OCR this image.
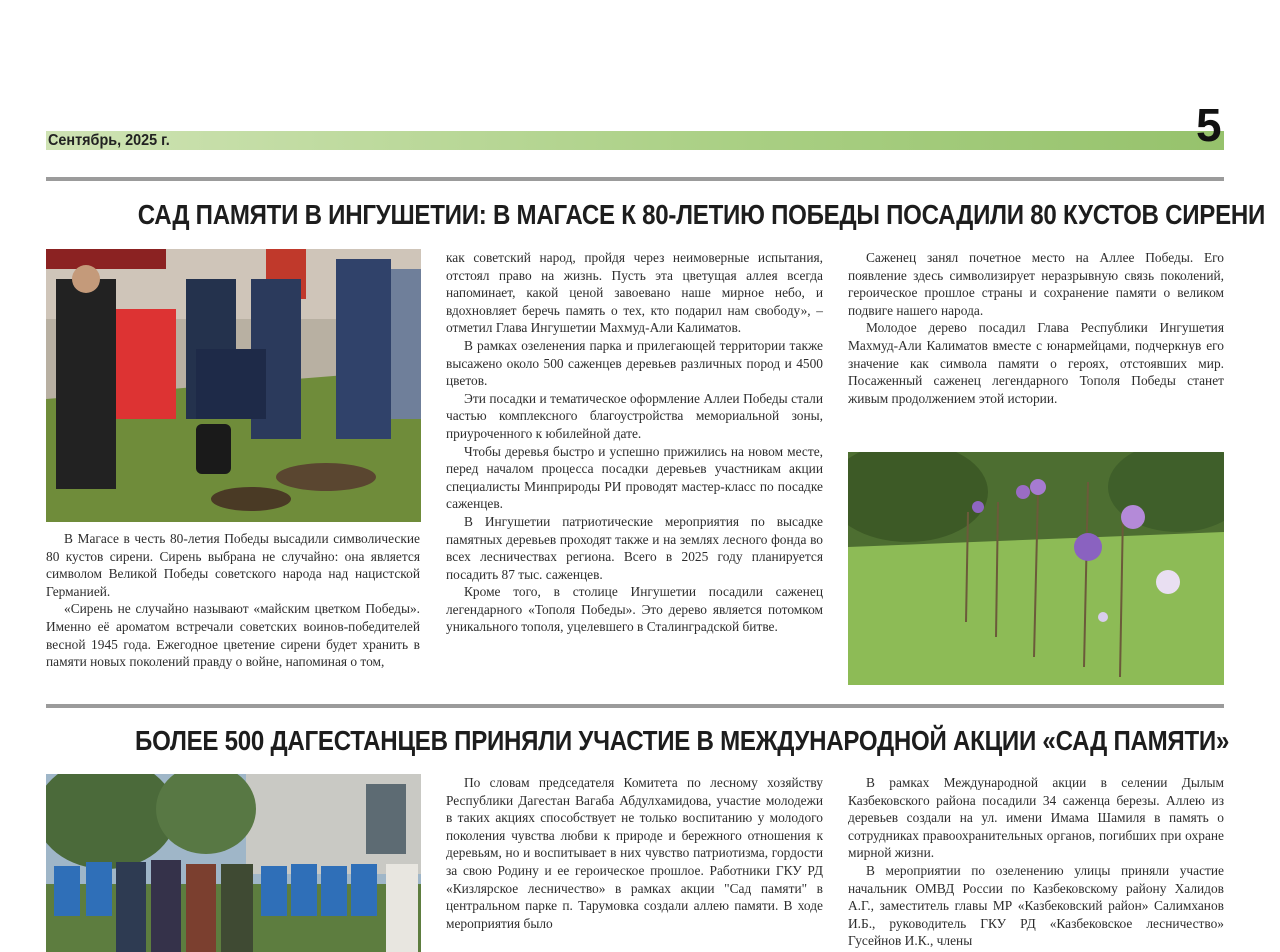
Сентябрь, 2025 г.	5
САД ПАМЯТИ В ИНГУШЕТИИ: В МАГАСЕ К 80-ЛЕТИЮ ПОБЕДЫ ПОСАДИЛИ 80 КУСТОВ СИРЕНИ

В Магасе в честь 80-летия Победы высадили символические 80 кустов сирени. Сирень выбрана не случайно: она является символом Великой Победы советского народа над нацистской Германией.

«Сирень не случайно называют «майским цветком Победы». Именно её ароматом встречали советских воинов-победителей весной 1945 года. Ежегодное цветение сирени будет хранить в памяти новых поколений правду о войне, напоминая о том,

как советский народ, пройдя через неимоверные испытания, отстоял право на жизнь. Пусть эта цветущая аллея всегда напоминает, какой ценой завоевано наше мирное небо, и вдохновляет беречь память о тех, кто подарил нам свободу», – отметил Глава Ингушетии Махмуд-Али Калиматов.

В рамках озеленения парка и прилегающей территории также высажено около 500 саженцев деревьев различных пород и 4500 цветов.

Эти посадки и тематическое оформление Аллеи Победы стали частью комплексного благоустройства мемориальной зоны, приуроченного к юбилейной дате.

Чтобы деревья быстро и успешно прижились на новом месте, перед началом процесса посадки деревьев участникам акции специалисты Минприроды РИ проводят мастер-класс по посадке саженцев.

В Ингушетии патриотические мероприятия по высадке памятных деревьев проходят также и на землях лесного фонда во всех лесничествах региона. Всего в 2025 году планируется посадить 87 тыс. саженцев.

Кроме того, в столице Ингушетии посадили саженец легендарного «Тополя Победы». Это дерево является потомком уникального тополя, уцелевшего в Сталинградской битве.

Саженец занял почетное место на Аллее Победы. Его появление здесь символизирует неразрывную связь поколений, героическое прошлое страны и сохранение памяти о великом подвиге нашего народа.

Молодое дерево посадил Глава Республики Ингушетия Махмуд-Али Калиматов вместе с юнармейцами, подчеркнув его значение как символа памяти о героях, отстоявших мир. Посаженный саженец легендарного Тополя Победы станет живым продолжением этой истории.

БОЛЕЕ 500 ДАГЕСТАНЦЕВ ПРИНЯЛИ УЧАСТИЕ В МЕЖДУНАРОДНОЙ АКЦИИ «САД ПАМЯТИ»

По словам председателя Комитета по лесному хозяйству Республики Дагестан Вагаба Абдулхамидова, участие молодежи в таких акциях способствует не только воспитанию у молодого поколения чувства любви к природе и бережного отношения к деревьям, но и воспитывает в них чувство патриотизма, гордости за свою Родину и ее героическое прошлое. Работники ГКУ РД «Кизлярское лесничество» в рамках акции "Сад памяти" в центральном парке п. Тарумовка создали аллею памяти. В ходе мероприятия было

В рамках Международной акции в селении Дылым Казбековского района посадили 34 саженца березы. Аллею из деревьев создали на ул. имени Имама Шамиля в память о сотрудниках правоохранительных органов, погибших при охране мирной жизни.

В мероприятии по озеленению улицы приняли участие начальник ОМВД России по Казбековскому району Халидов А.Г., заместитель главы МР «Казбековский район» Салимханов И.Б., руководитель ГКУ РД «Казбековское лесничество» Гусейнов И.К., члены
